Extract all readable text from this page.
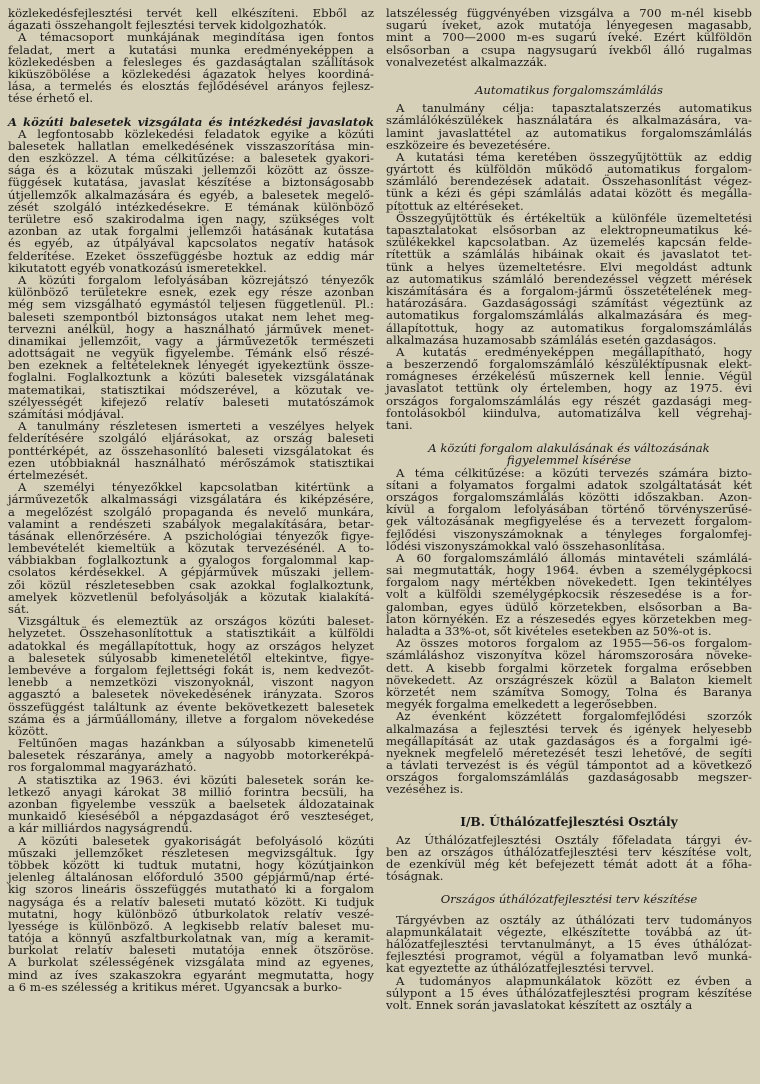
közlekedésfejlesztési tervét kell elkészíteni. Ebből az
ágazati összehangolt fejlesztési tervek kidolgozhatók.
A témacsoport munkájának megindítása igen fontos
feladat, mert a kutatási munka eredményeképpen a
közlekedésben a felesleges és gazdaságtalan szállítások
kiküszöbölése a közlekedési ágazatok helyes koordiná-
lása, a termelés és elosztás fejlődésével arányos fejlesz-
tése érhető el.
A közúti balesetek vizsgálata és intézkedési javaslatok
A legfontosabb közlekedési feladatok egyike a közúti
balesetek hallatlan emelkedésének visszaszorítása min-
den eszközzel. A téma célkitűzése: a balesetek gyakori-
sága és a közutak műszaki jellemzői között az össze-
függések kutatása, javaslat készítése a biztonságosabb
útjellemzők alkalmazására és egyéb, a balesetek megelő-
zését szolgáló intézkedésekre. E témának különböző
területre eső szakirodalma igen nagy, szükséges volt
azonban az utak forgalmi jellemzői hatásának kutatása
és egyéb, az útpályával kapcsolatos negatív hatások
felderítése. Ezeket összefüggésbe hoztuk az eddig már
kikutatott egyéb vonatkozású ismeretekkel.
A közúti forgalom lefolyásában közrejátszó tényezők
különböző területekre esnek, ezek egy része azonban
még sem vizsgálható egymástól teljesen függetlenül. Pl.:
baleseti szempontból biztonságos utakat nem lehet meg-
tervezni anélkül, hogy a használható járművek menet-
dinamikai jellemzőit, vagy a járművezetők természeti
adottságait ne vegyük figyelembe. Témánk első részé-
ben ezeknek a feltételeknek lényegét igyekeztünk össze-
foglalni. Foglalkoztunk a közúti balesetek vizsgálatának
matematikai, statisztikai módszerével, a közutak ve-
szélyességét kifejező relatív baleseti mutatószámok
számítási módjával.
A tanulmány részletesen ismerteti a veszélyes helyek
felderítésére szolgáló eljárásokat, az ország baleseti
ponttérképét, az összehasonlító baleseti vizsgálatokat és
ezen utóbbiaknál használható mérőszámok statisztikai
értelmezését.
A személyi tényezőkkel kapcsolatban kitértünk a
járművezetők alkalmassági vizsgálatára és kiképzésére,
a megelőzést szolgáló propaganda és nevelő munkára,
valamint a rendészeti szabályok megalakítására, betar-
tásának ellenőrzésére. A pszichológiai tényezők figye-
lembevételét kiemeltük a közutak tervezésénél. A to-
vábbiakban foglalkoztunk a gyalogos forgalommal kap-
csolatos kérdésekkel. A gépjárművek műszaki jellem-
zői közül részletesebben csak azokkal foglalkoztunk,
amelyek közvetlenül befolyásolják a közutak kialakítá-
sát.
Vizsgáltuk és elemeztük az országos közúti baleset-
helyzetet. Összehasonlítottuk a statisztikáit a külföldi
adatokkal és megállapítottuk, hogy az országos helyzet
a balesetek súlyosabb kimenetelétől eltekintve, figye-
lembevéve a forgalom fejlettségi fokát is, nem kedvezőt-
lenebb a nemzetközi viszonyoknál, viszont nagyon
aggasztó a balesetek növekedésének irányzata. Szoros
összefüggést találtunk az évente bekövetkezett balesetek
száma és a járműállomány, illetve a forgalom növekedése
között.
Feltűnően magas hazánkban a súlyosabb kimenetelű
balesetek részaránya, amely a nagyobb motorkerékpá-
ros forgalommal magyarázható.
A statisztika az 1963. évi közúti balesetek során ke-
letkező anyagi károkat 38 millió forintra becsüli, ha
azonban figyelembe vesszük a baelsetek áldozatainak
munkaidő kieséséből a népgazdaságot érő veszteséget,
a kár milliárdos nagyságrendű.
A közúti balesetek gyakoriságát befolyásoló közúti
műszaki jellemzőket részletesen megvizsgáltuk. Így
többek között ki tudtuk mutatni, hogy közútjainkon
jelenleg általánosan előforduló 3500 gépjármű/nap érté-
kig szoros lineáris összefüggés mutatható ki a forgalom
nagysága és a relatív baleseti mutató között. Ki tudjuk
mutatni, hogy különböző útburkolatok relatív veszé-
lyessége is különböző. A legkisebb relatív baleset mu-
tatója a könnyű aszfaltburkolatnak van, míg a keramit-
burkolat relatív baleseti mutatója ennek ötszöröse.
A burkolat szélességének vizsgálata mind az egyenes,
mind az íves szakaszokra egyaránt megmutatta, hogy
a 6 m-es szélesség a kritikus méret. Ugyancsak a burko-
latszélesség függvényében vizsgálva a 700 m-nél kisebb
sugarú íveket, azok mutatója lényegesen magasabb,
mint a 700—2000 m-es sugarú íveké. Ezért külföldön
elsősorban a csupa nagysugarú ívekből álló rugalmas
vonalvezetést alkalmazzák.
Automatikus forgalomszámlálás
A tanulmány célja: tapasztalatszerzés automatikus
számlálókészülékek használatára és alkalmazására, va-
lamint javaslattétel az automatikus forgalomszámlálás
eszközeire és bevezetésére.
A kutatási téma keretében összegyűjtöttük az eddig
gyártott és külföldön működő automatikus forgalom-
számláló berendezések adatait. Összehasonlítást végez-
tünk a kézi és gépi számlálás adatai között és megálla-
pítottuk az eltéréseket.
Összegyűjtöttük és értékeltük a különféle üzemeltetési
tapasztalatokat elsősorban az elektropneumatikus ké-
szülékekkel kapcsolatban. Az üzemelés kapcsán felde-
rítettük a számlálás hibáinak okait és javaslatot tet-
tünk a helyes üzemeltetésre. Elvi megoldást adtunk
az automatikus számláló berendezéssel végzett mérések
kiszámítására és a forgalom-jármű összetételének meg-
határozására. Gazdaságossági számítást végeztünk az
automatikus forgalomszámlálás alkalmazására és meg-
állapítottuk, hogy az automatikus forgalomszámlálás
alkalmazása huzamosabb számlálás esetén gazdaságos.
A kutatás eredményeképpen megállapítható, hogy
a beszerzendő forgalomszámláló készüléktípusnak elekt-
romágneses érzékelésű műszernek kell lennie. Végül
javaslatot tettünk oly értelemben, hogy az 1975. évi
országos forgalomszámlálás egy részét gazdasági meg-
fontolásokból kiindulva, automatizálva kell végrehaj-
tani.
A közúti forgalom alakulásának és változásának
figyelemmel kísérése
A téma célkitűzése: a közúti tervezés számára bizto-
sítani a folyamatos forgalmi adatok szolgáltatását két
országos forgalomszámlálás közötti időszakban. Azon-
kívül a forgalom lefolyásában történő törvényszerűsé-
gek változásának megfigyelése és a tervezett forgalom-
fejlődési viszonyszámoknak a tényleges forgalomfej-
lődési viszonyszámokkal való összehasonlítása.
A 60 forgalomszámláló állomás mintavételi számlálá-
sai megmutatták, hogy 1964. évben a személygépkocsi
forgalom nagy mértékben növekedett. Igen tekintélyes
volt a külföldi személygépkocsik részesedése is a for-
galomban, egyes üdülő körzetekben, elsősorban a Ba-
laton környékén. Ez a részesedés egyes körzetekben meg-
haladta a 33%-ot, sőt kivételes esetekben az 50%-ot is.
Az összes motoros forgalom az 1955—56-os forgalom-
számláláshoz viszonyítva közel háromszorosára növeke-
dett. A kisebb forgalmi körzetek forgalma erősebben
növekedett. Az országrészek közül a Balaton kiemelt
körzetét nem számítva Somogy, Tolna és Baranya
megyék forgalma emelkedett a legerősebben.
Az évenként közzétett forgalomfejlődési szorzók
alkalmazása a fejlesztési tervek és igények helyesebb
megállapítását az utak gazdaságos és a forgalmi igé-
nyeknek megfelelő méretezését teszi lehetővé, de segíti
a távlati tervezést is és végül támpontot ad a következő
országos forgalomszámlálás gazdaságosabb megszer-
vezéséhez is.
I/B. Úthálózatfejlesztési Osztály
Az Úthálózatfejlesztési Osztály főfeladata tárgyi év-
ben az országos úthálózatfejlesztési terv készítése volt,
de ezenkívül még két befejezett témát adott át a főha-
tóságnak.
Országos úthálózatfejlesztési terv készítése
Tárgyévben az osztály az úthálózati terv tudományos
alapmunkálatait végezte, elkészítette továbbá az út-
hálózatfejlesztési tervtanulmányt, a 15 éves úthálózat-
fejlesztési programot, végül a folyamatban levő munká-
kat egyeztette az úthálózatfejlesztési tervvel.
A tudományos alapmunkálatok között ez évben a
súlypont a 15 éves úthálózatfejlesztési program készítése
volt. Ennek során javaslatokat készített az osztály a
